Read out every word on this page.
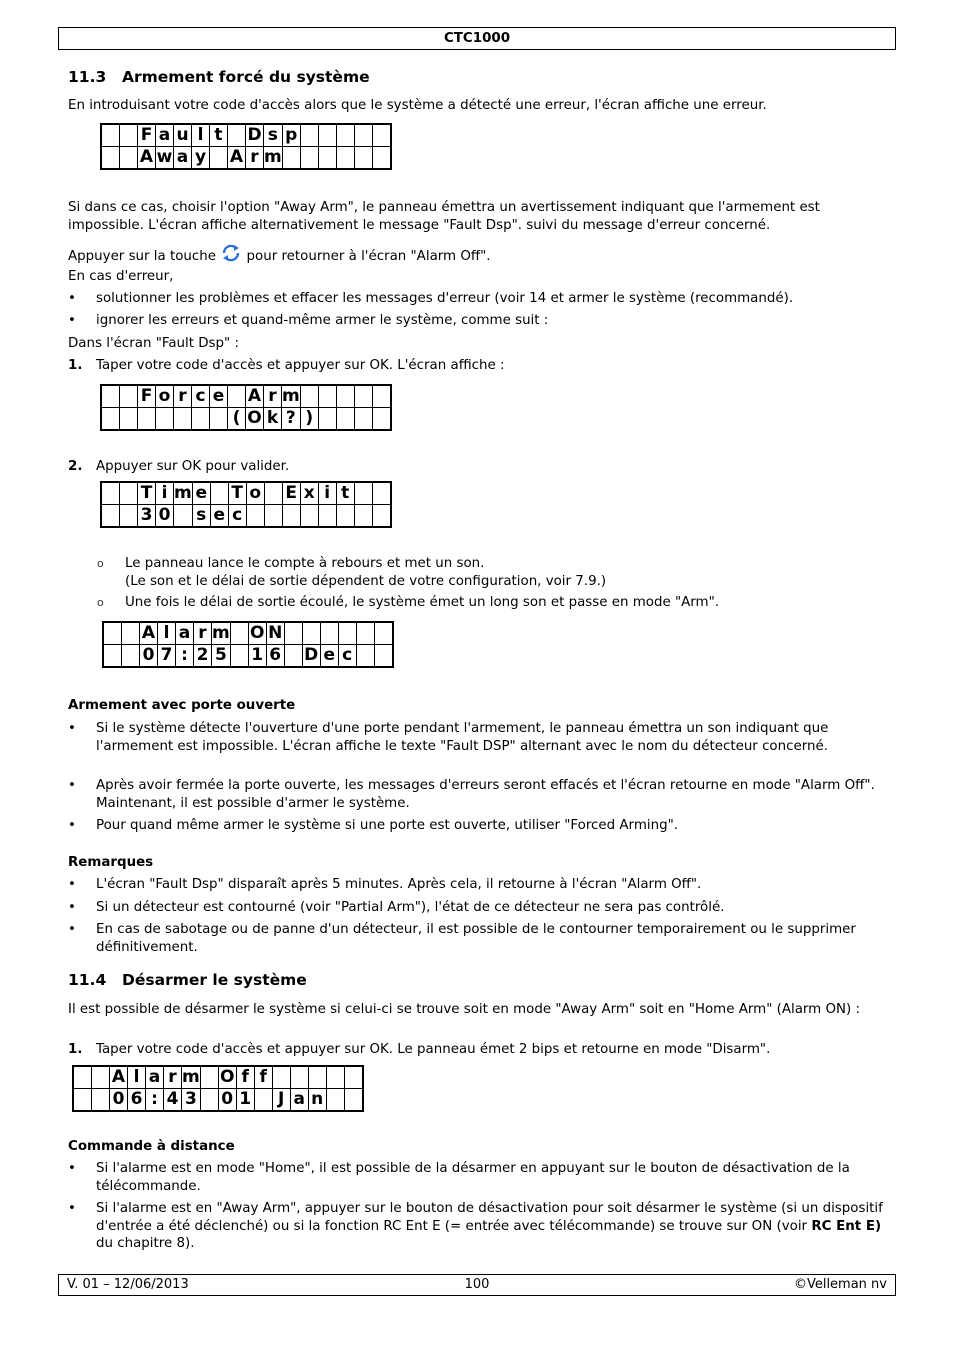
CTC1000
11.3 Armement forcé du système
En introduisant votre code d'accès alors que le système a détecté une erreur, l'écran affiche une erreur.
		F	a	u	l	t		D	s	p					
		A	w	a	y		A	r	m						
Si dans ce cas, choisir l'option "Away Arm", le panneau émettra un avertissement indiquant que l'armement est impossible. L'écran affiche alternativement le message "Fault Dsp". suivi du message d'erreur concerné.
Appuyer sur la touche pour retourner à l'écran "Alarm Off".
En cas d'erreur,
• solutionner les problèmes et effacer les messages d'erreur (voir 14 et armer le système (recommandé).
• ignorer les erreurs et quand-même armer le système, comme suit :
Dans l'écran "Fault Dsp" :
1. Taper votre code d'accès et appuyer sur OK. L'écran affiche :
		F	o	r	c	e		A	r	m					
							(	O	k	?	)				
2. Appuyer sur OK pour valider.
		T	i	m	e		T	o		E	x	i	t		
		3	0		s	e	c								
o Le panneau lance le compte à rebours et met un son.
(Le son et le délai de sortie dépendent de votre configuration, voir 7.9.)
o Une fois le délai de sortie écoulé, le système émet un long son et passe en mode "Arm".
		A	l	a	r	m		O	N						
		0	7	:	2	5		1	6		D	e	c		
Armement avec porte ouverte
• Si le système détecte l'ouverture d'une porte pendant l'armement, le panneau émettra un son indiquant que l'armement est impossible. L'écran affiche le texte "Fault DSP" alternant avec le nom du détecteur concerné.
• Après avoir fermée la porte ouverte, les messages d'erreurs seront effacés et l'écran retourne en mode "Alarm Off". Maintenant, il est possible d'armer le système.
• Pour quand même armer le système si une porte est ouverte, utiliser "Forced Arming".
Remarques
• L'écran "Fault Dsp" disparaît après 5 minutes. Après cela, il retourne à l'écran "Alarm Off".
• Si un détecteur est contourné (voir "Partial Arm"), l'état de ce détecteur ne sera pas contrôlé.
• En cas de sabotage ou de panne d'un détecteur, il est possible de le contourner temporairement ou le supprimer définitivement.
11.4 Désarmer le système
Il est possible de désarmer le système si celui-ci se trouve soit en mode "Away Arm" soit en "Home Arm" (Alarm ON) :
1. Taper votre code d'accès et appuyer sur OK. Le panneau émet 2 bips et retourne en mode "Disarm".
		A	l	a	r	m		O	f	f					
		0	6	:	4	3		0	1		J	a	n		
Commande à distance
• Si l'alarme est en mode "Home", il est possible de la désarmer en appuyant sur le bouton de désactivation de la télécommande.
• Si l'alarme est en "Away Arm", appuyer sur le bouton de désactivation pour soit désarmer le système (si un dispositif d'entrée a été déclenché) ou si la fonction RC Ent E (= entrée avec télécommande) se trouve sur ON (voir RC Ent E) du chapitre 8).
V. 01 – 12/06/2013	100	©Velleman nv
